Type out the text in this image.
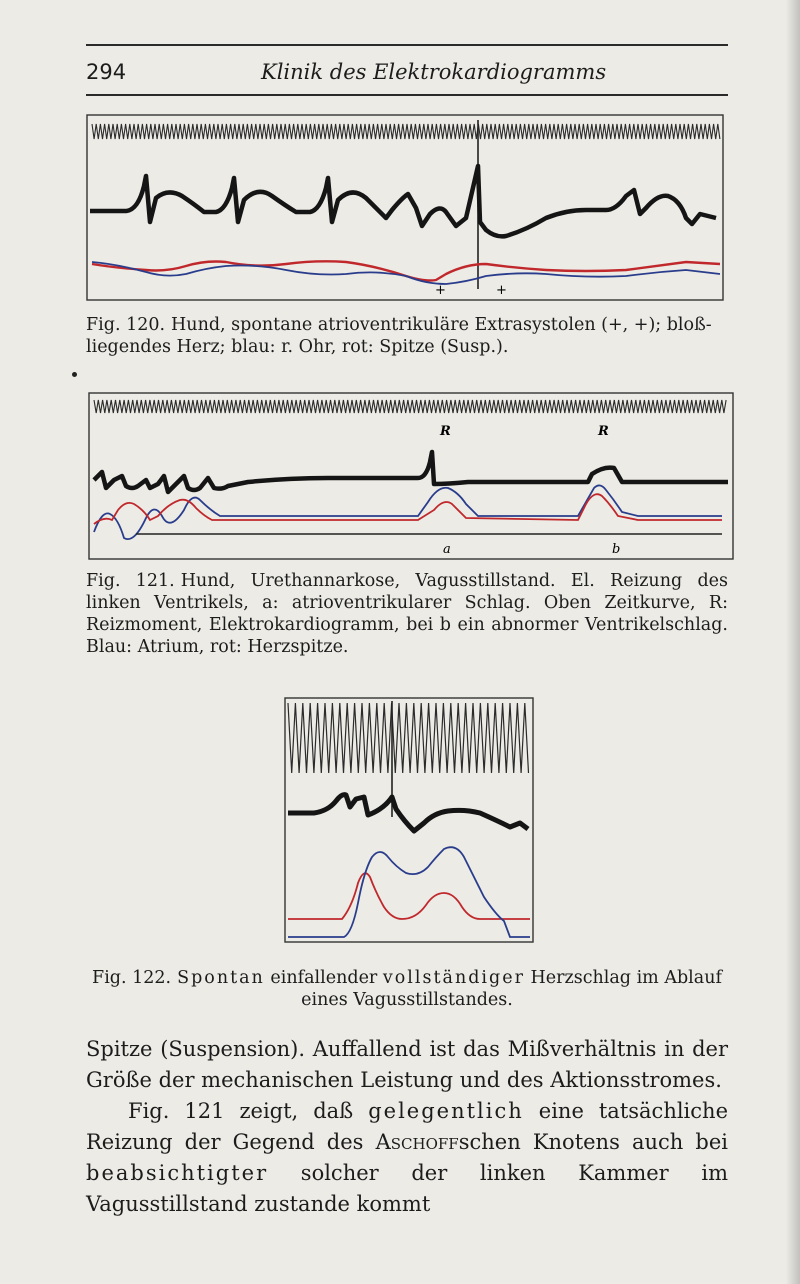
294	Klinik des Elektrokardiogramms
+	+
Fig. 120. Hund, spontane atrioventrikuläre Extrasystolen (+, +); bloßliegendes Herz; blau: r. Ohr, rot: Spitze (Susp.).
R	R
a	b
Fig. 121. Hund, Urethannarkose, Vagusstillstand. El. Reizung des linken Ventrikels, a: atrioventrikularer Schlag. Oben Zeitkurve, R: Reizmoment, Elektrokardiogramm, bei b ein abnormer Ventrikelschlag. Blau: Atrium, rot: Herzspitze.
Fig. 122. Spontan einfallender vollständiger Herzschlag im Ablauf
eines Vagusstillstandes.

Spitze (Suspension). Auffallend ist das Mißverhältnis in der Größe der mechanischen Leistung und des Aktionsstromes.

Fig. 121 zeigt, daß gelegentlich eine tatsächliche Reizung der Gegend des Aschoffschen Knotens auch bei beabsichtigter solcher der linken Kammer im Vagusstillstand zustande kommt
